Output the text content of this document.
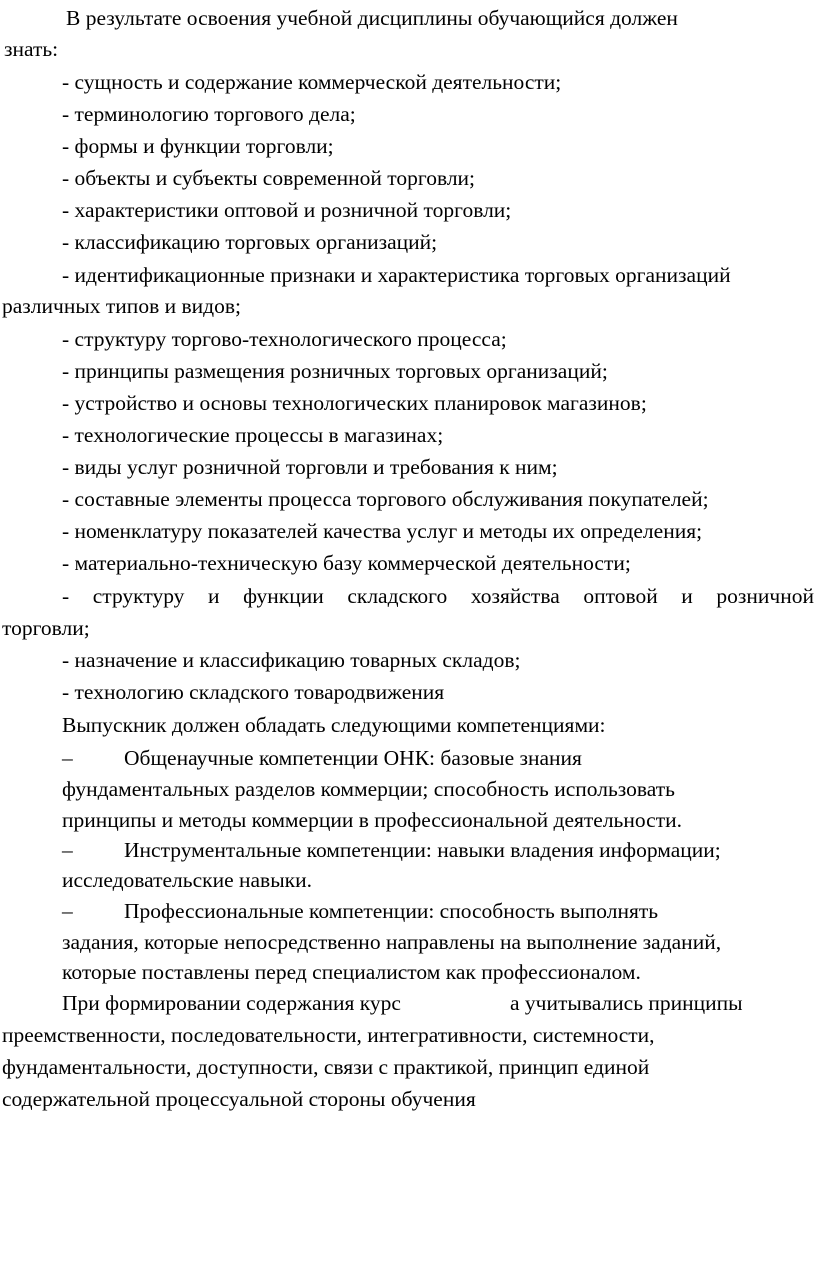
В результате освоения учебной дисциплины обучающийся должен
знать:
- сущность и содержание коммерческой деятельности;
- терминологию торгового дела;
- формы и функции торговли;
- объекты и субъекты современной торговли;
- характеристики оптовой и розничной торговли;
- классификацию торговых организаций;
- идентификационные признаки и характеристика торговых организаций
различных типов и видов;
- структуру торгово-технологического процесса;
- принципы размещения розничных торговых организаций;
- устройство и основы технологических планировок магазинов;
- технологические процессы в магазинах;
- виды услуг розничной торговли и требования к ним;
- составные элементы процесса торгового обслуживания покупателей;
- номенклатуру показателей качества услуг и методы их определения;
- материально-техническую базу коммерческой деятельности;
- структуру и функции складского хозяйства оптовой и розничной
торговли;
- назначение и классификацию товарных складов;
- технологию складского товародвижения
Выпускник должен обладать следующими компетенциями:
– Общенаучные компетенции ОНК: базовые знания
фундаментальных разделов коммерции; способность использовать
принципы и методы коммерции в профессиональной деятельности.
– Инструментальные компетенции: навыки владения информации;
исследовательские навыки.
– Профессиональные компетенции: способность выполнять
задания, которые непосредственно направлены на выполнение заданий,
которые поставлены перед специалистом как профессионалом.
При формировании содержания курс	а учитывались принципы
преемственности, последовательности, интегративности, системности,
фундаментальности, доступности, связи с практикой, принцип единой
содержательной процессуальной стороны обучения
